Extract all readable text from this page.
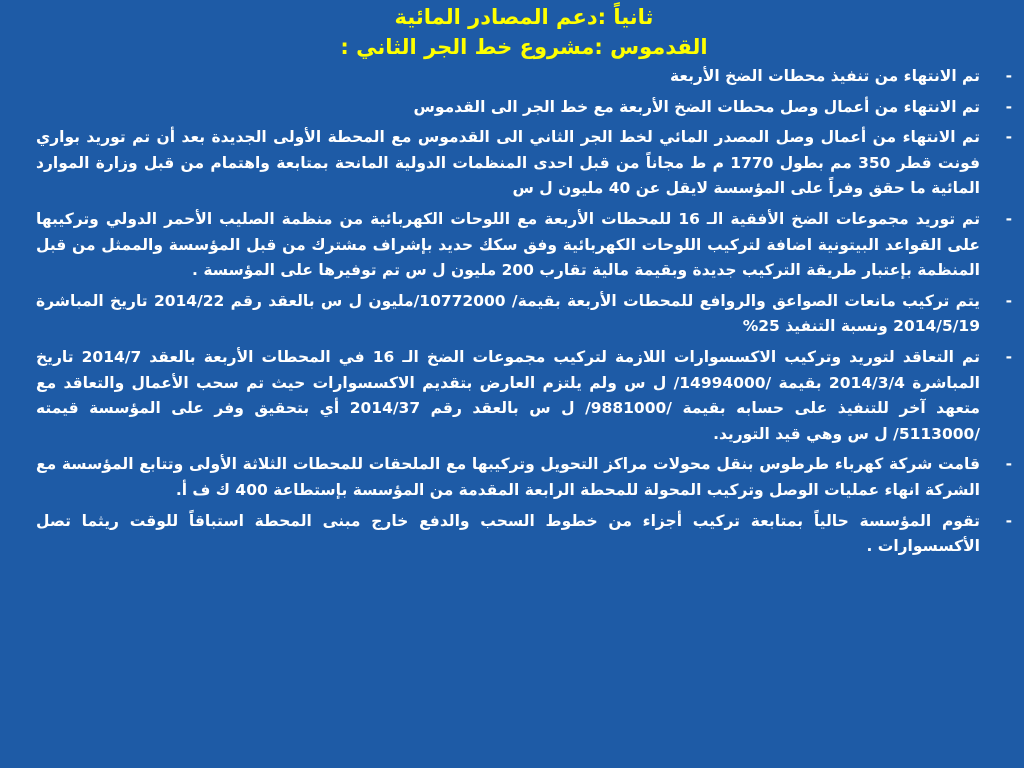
ثانياً :دعم المصادر المائية
القدموس :مشروع خط الجر الثاني :
-
تم الانتهاء من تنفيذ محطات الضخ الأربعة
-
تم الانتهاء من أعمال وصل محطات الضخ الأربعة مع خط الجر الى القدموس
-
تم الانتهاء من أعمال وصل المصدر المائي لخط الجر الثاني الى القدموس مع المحطة الأولى الجديدة بعد أن تم توريد بواري فونت قطر 350 مم بطول 1770 م ط مجاناً من قبل احدى المنظمات الدولية المانحة بمتابعة واهتمام من قبل وزارة الموارد المائية ما حقق وفراً على المؤسسة لايقل عن 40 مليون ل س
-
تم توريد مجموعات الضخ الأفقية الـ 16 للمحطات الأربعة مع اللوحات الكهربائية من منظمة الصليب الأحمر الدولي وتركيبها على القواعد البيتونية اضافة لتركيب اللوحات الكهربائية وفق سكك حديد بإشراف مشترك من قبل المؤسسة والممثل من قبل المنظمة بإعتبار طريقة التركيب جديدة وبقيمة مالية تقارب 200 مليون ل س تم توفيرها على المؤسسة .
-
يتم تركيب مانعات الصواعق والروافع للمحطات الأربعة بقيمة/ 10772000/مليون ل س بالعقد رقم 2014/22 تاريخ المباشرة 2014/5/19 ونسبة التنفيذ 25%
-
تم التعاقد لتوريد وتركيب الاكسسوارات اللازمة لتركيب مجموعات الضخ الـ 16 في المحطات الأربعة بالعقد 2014/7 تاريخ المباشرة 2014/3/4 بقيمة /14994000/ ل س ولم يلتزم العارض بتقديم الاكسسوارات حيث تم سحب الأعمال والتعاقد مع متعهد آخر للتنفيذ على حسابه بقيمة /9881000/ ل س بالعقد رقم 2014/37 أي بتحقيق وفر على المؤسسة قيمته /5113000/ ل س وهي قيد التوريد.
-
قامت شركة كهرباء طرطوس بنقل محولات مراكز التحويل وتركيبها مع الملحقات للمحطات الثلاثة الأولى وتتابع المؤسسة مع الشركة انهاء عمليات الوصل وتركيب المحولة للمحطة الرابعة المقدمة من المؤسسة بإستطاعة 400 ك ف أ.
-
تقوم المؤسسة حالياً بمتابعة تركيب أجزاء من خطوط السحب والدفع خارج مبنى المحطة استباقاً للوقت ريثما تصل الأكسسوارات .
